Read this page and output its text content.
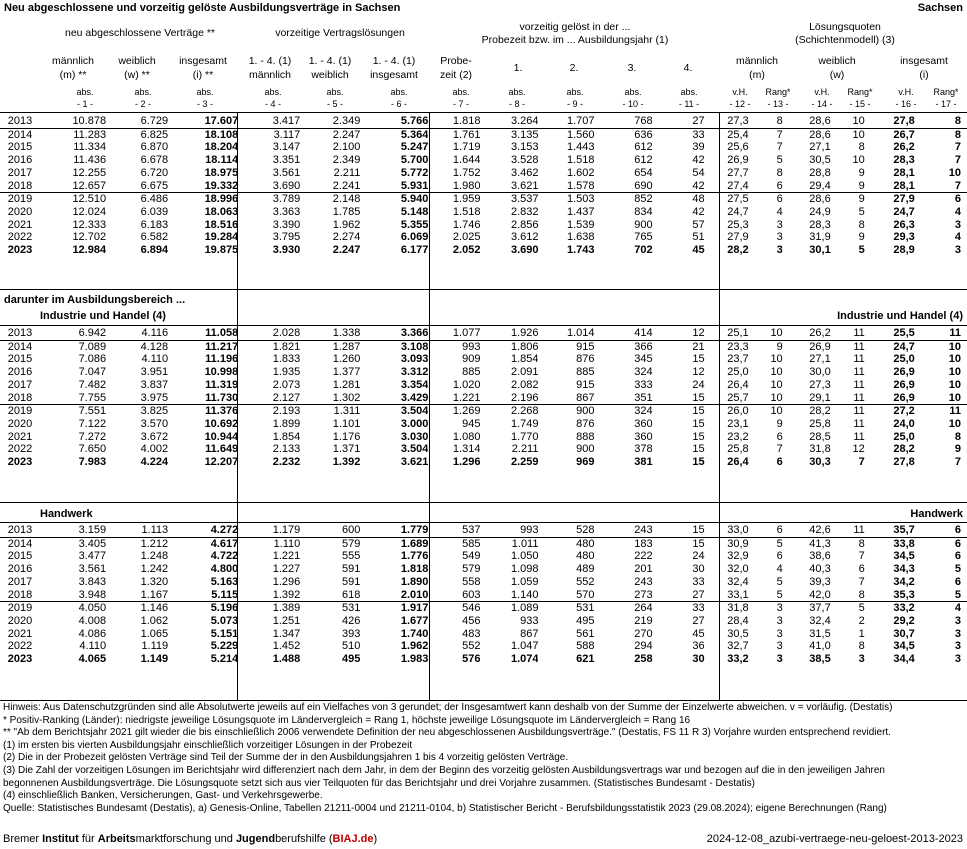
Neu abgeschlossene und vorzeitig gelöste Ausbildungsverträge in Sachsen	Sachsen
neu abgeschlossene Verträge **	vorzeitige Vertragslösungen	vorzeitig gelöst in der ...
Probezeit bzw. im ... Ausbildungsjahr (1)
Lösungsquoten
(Schichtenmodell) (3)
männlich
(m) **
weiblich
(w) **
insgesamt
(i) **
1. - 4. (1)
männlich
1. - 4. (1)
weiblich
1. - 4. (1)
insgesamt
Probe-
zeit (2)
1.	2.	3.	4.
männlich
(m)
weiblich
(w)
insgesamt
(i)
abs.	abs.	abs.	abs.	abs.	abs.	abs.	abs.	abs.	abs.	abs.	v.H.	Rang*	v.H.	Rang*	v.H.	Rang*
- 1 -	- 2 -	- 3 -	- 4 -	- 5 -	- 6 -	- 7 -	- 8 -	- 9 -	- 10 -	- 11 -	- 12 -	- 13 -	- 14 -	- 15 -	- 16 -	- 17 -
2013	10.878	6.729	17.607	3.417	2.349	5.766	1.818	3.264	1.707	768	27	27,3	8	28,6	10	27,8	8
2014	11.283	6.825	18.108	3.117	2.247	5.364	1.761	3.135	1.560	636	33	25,4	7	28,6	10	26,7	8
2015	11.334	6.870	18.204	3.147	2.100	5.247	1.719	3.153	1.443	612	39	25,6	7	27,1	8	26,2	7
2016	11.436	6.678	18.114	3.351	2.349	5.700	1.644	3.528	1.518	612	42	26,9	5	30,5	10	28,3	7
2017	12.255	6.720	18.975	3.561	2.211	5.772	1.752	3.462	1.602	654	54	27,7	8	28,8	9	28,1	10
2018	12.657	6.675	19.332	3.690	2.241	5.931	1.980	3.621	1.578	690	42	27,4	6	29,4	9	28,1	7
2019	12.510	6.486	18.996	3.789	2.148	5.940	1.959	3.537	1.503	852	48	27,5	6	28,6	9	27,9	6
2020	12.024	6.039	18.063	3.363	1.785	5.148	1.518	2.832	1.437	834	42	24,7	4	24,9	5	24,7	4
2021	12.333	6.183	18.516	3.390	1.962	5.355	1.746	2.856	1.539	900	57	25,3	3	28,3	8	26,3	3
2022	12.702	6.582	19.284	3.795	2.274	6.069	2.025	3.612	1.638	765	51	27,9	3	31,9	9	29,3	4
2023	12.984	6.894	19.875	3.930	2.247	6.177	2.052	3.690	1.743	702	45	28,2	3	30,1	5	28,9	3
darunter im Ausbildungsbereich ...
Industrie und Handel (4)	Industrie und Handel (4)
2013	6.942	4.116	11.058	2.028	1.338	3.366	1.077	1.926	1.014	414	12	25,1	10	26,2	11	25,5	11
2014	7.089	4.128	11.217	1.821	1.287	3.108	993	1.806	915	366	21	23,3	9	26,9	11	24,7	10
2015	7.086	4.110	11.196	1.833	1.260	3.093	909	1.854	876	345	15	23,7	10	27,1	11	25,0	10
2016	7.047	3.951	10.998	1.935	1.377	3.312	885	2.091	885	324	12	25,0	10	30,0	11	26,9	10
2017	7.482	3.837	11.319	2.073	1.281	3.354	1.020	2.082	915	333	24	26,4	10	27,3	11	26,9	10
2018	7.755	3.975	11.730	2.127	1.302	3.429	1.221	2.196	867	351	15	25,7	10	29,1	11	26,9	10
2019	7.551	3.825	11.376	2.193	1.311	3.504	1.269	2.268	900	324	15	26,0	10	28,2	11	27,2	11
2020	7.122	3.570	10.692	1.899	1.101	3.000	945	1.749	876	360	15	23,1	9	25,8	11	24,0	10
2021	7.272	3.672	10.944	1.854	1.176	3.030	1.080	1.770	888	360	15	23,2	6	28,5	11	25,0	8
2022	7.650	4.002	11.649	2.133	1.371	3.504	1.314	2.211	900	378	15	25,8	7	31,8	12	28,2	9
2023	7.983	4.224	12.207	2.232	1.392	3.621	1.296	2.259	969	381	15	26,4	6	30,3	7	27,8	7
Handwerk	Handwerk
2013	3.159	1.113	4.272	1.179	600	1.779	537	993	528	243	15	33,0	6	42,6	11	35,7	6
2014	3.405	1.212	4.617	1.110	579	1.689	585	1.011	480	183	15	30,9	5	41,3	8	33,8	6
2015	3.477	1.248	4.722	1.221	555	1.776	549	1.050	480	222	24	32,9	6	38,6	7	34,5	6
2016	3.561	1.242	4.800	1.227	591	1.818	579	1.098	489	201	30	32,0	4	40,3	6	34,3	5
2017	3.843	1.320	5.163	1.296	591	1.890	558	1.059	552	243	33	32,4	5	39,3	7	34,2	6
2018	3.948	1.167	5.115	1.392	618	2.010	603	1.140	570	273	27	33,1	5	42,0	8	35,3	5
2019	4.050	1.146	5.196	1.389	531	1.917	546	1.089	531	264	33	31,8	3	37,7	5	33,2	4
2020	4.008	1.062	5.073	1.251	426	1.677	456	933	495	219	27	28,4	3	32,4	2	29,2	3
2021	4.086	1.065	5.151	1.347	393	1.740	483	867	561	270	45	30,5	3	31,5	1	30,7	3
2022	4.110	1.119	5.229	1.452	510	1.962	552	1.047	588	294	36	32,7	3	41,0	8	34,5	3
2023	4.065	1.149	5.214	1.488	495	1.983	576	1.074	621	258	30	33,2	3	38,5	3	34,4	3
Hinweis: Aus Datenschutzgründen sind alle Absolutwerte jeweils auf ein Vielfaches von 3 gerundet; der Insgesamtwert kann deshalb von der Summe der Einzelwerte abweichen. v = vorläufig. (Destatis)
* Positiv-Ranking (Länder): niedrigste jeweilige Lösungsquote im Ländervergleich = Rang 1, höchste jeweilige Lösungsquote im Ländervergleich = Rang 16
** "Ab dem Berichtsjahr 2021 gilt wieder die bis einschließlich 2006 verwendete Definition der neu abgeschlossenen Ausbildungsverträge." (Destatis, FS 11 R 3) Vorjahre wurden entsprechend revidiert.
(1) im ersten bis vierten Ausbildungsjahr einschließlich vorzeitiger Lösungen in der Probezeit
(2) Die in der Probezeit gelösten Verträge sind Teil der Summe der in den Ausbildungsjahren 1 bis 4 vorzeitig gelösten Verträge.
(3) Die Zahl der vorzeitigen Lösungen im Berichtsjahr wird differenziert nach dem Jahr, in dem der Beginn des vorzeitig gelösten Ausbildungsvertrags war und bezogen auf die in den jeweiligen Jahren
begonnenen Ausbildungsverträge. Die Lösungsquote setzt sich aus vier Teilquoten für das Berichtsjahr und drei Vorjahre zusammen. (Statistisches Bundesamt - Destatis)
(4) einschließlich Banken, Versicherungen, Gast- und Verkehrsgewerbe.
Quelle: Statistisches Bundesamt (Destatis), a) Genesis-Online, Tabellen 21211-0004 und 21211-0104, b) Statistischer Bericht - Berufsbildungsstatistik 2023 (29.08.2024); eigene Berechnungen (Rang)
Bremer Institut für Arbeitsmarktforschung und Jugendberufshilfe (BIAJ.de)	2024-12-08_azubi-vertraege-neu-geloest-2013-2023
